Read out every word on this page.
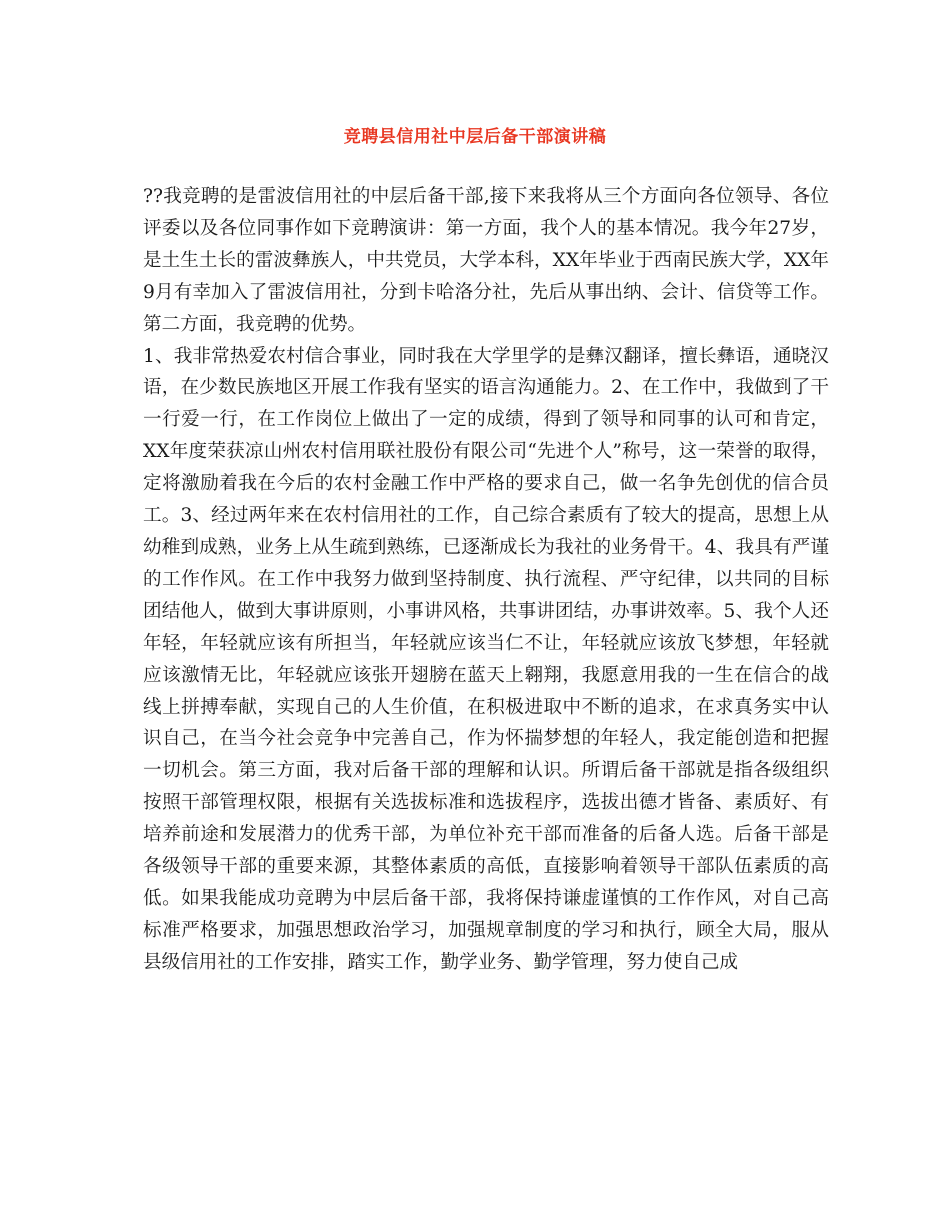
竞聘县信用社中层后备干部演讲稿

??我竞聘的是雷波信用社的中层后备干部,接下来我将从三个方面向各位领导、各位评委以及各位同事作如下竞聘演讲：第一方面，我个人的基本情况。我今年27岁，是土生土长的雷波彝族人，中共党员，大学本科，XX年毕业于西南民族大学，XX年9月有幸加入了雷波信用社，分到卡哈洛分社，先后从事出纳、会计、信贷等工作。第二方面，我竞聘的优势。

1、我非常热爱农村信合事业，同时我在大学里学的是彝汉翻译，擅长彝语，通晓汉语，在少数民族地区开展工作我有坚实的语言沟通能力。2、在工作中，我做到了干一行爱一行，在工作岗位上做出了一定的成绩，得到了领导和同事的认可和肯定，XX年度荣获凉山州农村信用联社股份有限公司“先进个人”称号，这一荣誉的取得，定将激励着我在今后的农村金融工作中严格的要求自己，做一名争先创优的信合员工。3、经过两年来在农村信用社的工作，自己综合素质有了较大的提高，思想上从幼稚到成熟，业务上从生疏到熟练，已逐渐成长为我社的业务骨干。4、我具有严谨的工作作风。在工作中我努力做到坚持制度、执行流程、严守纪律，以共同的目标团结他人，做到大事讲原则，小事讲风格，共事讲团结，办事讲效率。5、我个人还年轻，年轻就应该有所担当，年轻就应该当仁不让，年轻就应该放飞梦想，年轻就应该激情无比，年轻就应该张开翅膀在蓝天上翱翔，我愿意用我的一生在信合的战线上拼搏奉献，实现自己的人生价值，在积极进取中不断的追求，在求真务实中认识自己，在当今社会竞争中完善自己，作为怀揣梦想的年轻人，我定能创造和把握一切机会。第三方面，我对后备干部的理解和认识。所谓后备干部就是指各级组织按照干部管理权限，根据有关选拔标准和选拔程序，选拔出德才皆备、素质好、有培养前途和发展潜力的优秀干部，为单位补充干部而准备的后备人选。后备干部是各级领导干部的重要来源，其整体素质的高低，直接影响着领导干部队伍素质的高低。如果我能成功竞聘为中层后备干部，我将保持谦虚谨慎的工作作风，对自己高标准严格要求，加强思想政治学习，加强规章制度的学习和执行，顾全大局，服从县级信用社的工作安排，踏实工作，勤学业务、勤学管理，努力使自己成
